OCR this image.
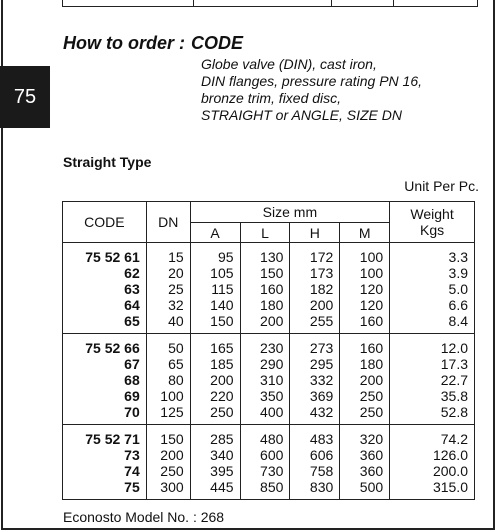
75
How to order : CODE
Globe valve (DIN), cast iron,
DIN flanges, pressure rating PN 16,
bronze trim, fixed disc,
STRAIGHT or ANGLE, SIZE DN
Straight Type
Unit Per Pc.
CODE	DN	Size mm				Weight
Kgs

		A	L	H	M	
75 52 61	15	95	130	172	100	3.3
62	20	105	150	173	100	3.9
63	25	115	160	182	120	5.0
64	32	140	180	200	120	6.6
65	40	150	200	255	160	8.4
75 52 66	50	165	230	273	160	12.0
67	65	185	290	295	180	17.3
68	80	200	310	332	200	22.7
69	100	220	350	369	250	35.8
70	125	250	400	432	250	52.8
75 52 71	150	285	480	483	320	74.2
73	200	340	600	606	360	126.0
74	250	395	730	758	360	200.0
75	300	445	850	830	500	315.0
Econosto Model No. : 268
